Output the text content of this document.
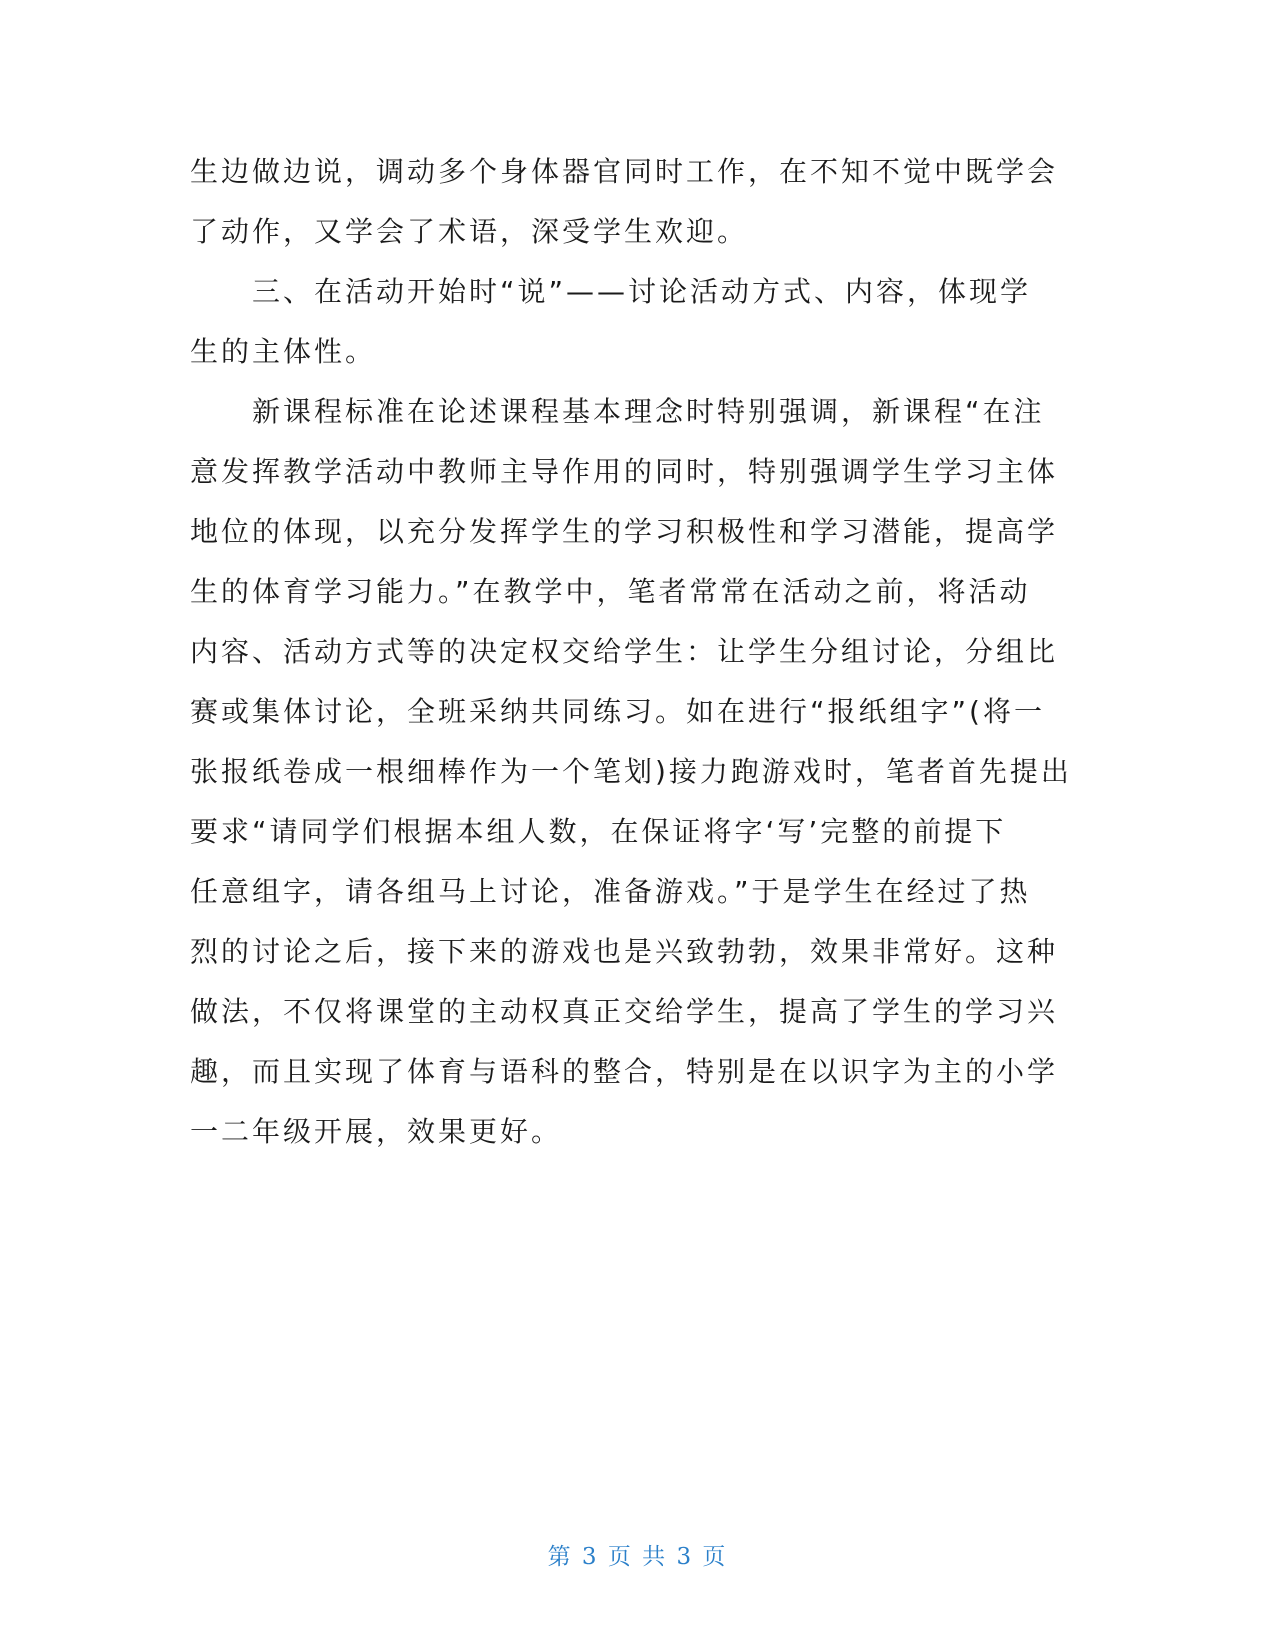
生边做边说，调动多个身体器官同时工作，在不知不觉中既学会
了动作，又学会了术语，深受学生欢迎。
　　三、在活动开始时“说”——讨论活动方式、内容，体现学
生的主体性。
　　新课程标准在论述课程基本理念时特别强调，新课程“在注
意发挥教学活动中教师主导作用的同时，特别强调学生学习主体
地位的体现，以充分发挥学生的学习积极性和学习潜能，提高学
生的体育学习能力。”在教学中，笔者常常在活动之前，将活动
内容、活动方式等的决定权交给学生：让学生分组讨论，分组比
赛或集体讨论，全班采纳共同练习。如在进行“报纸组字”(将一
张报纸卷成一根细棒作为一个笔划)接力跑游戏时，笔者首先提出
要求“请同学们根据本组人数，在保证将字‘写’完整的前提下
任意组字，请各组马上讨论，准备游戏。”于是学生在经过了热
烈的讨论之后，接下来的游戏也是兴致勃勃，效果非常好。这种
做法，不仅将课堂的主动权真正交给学生，提高了学生的学习兴
趣，而且实现了体育与语科的整合，特别是在以识字为主的小学
一二年级开展，效果更好。
第 3 页 共 3 页
